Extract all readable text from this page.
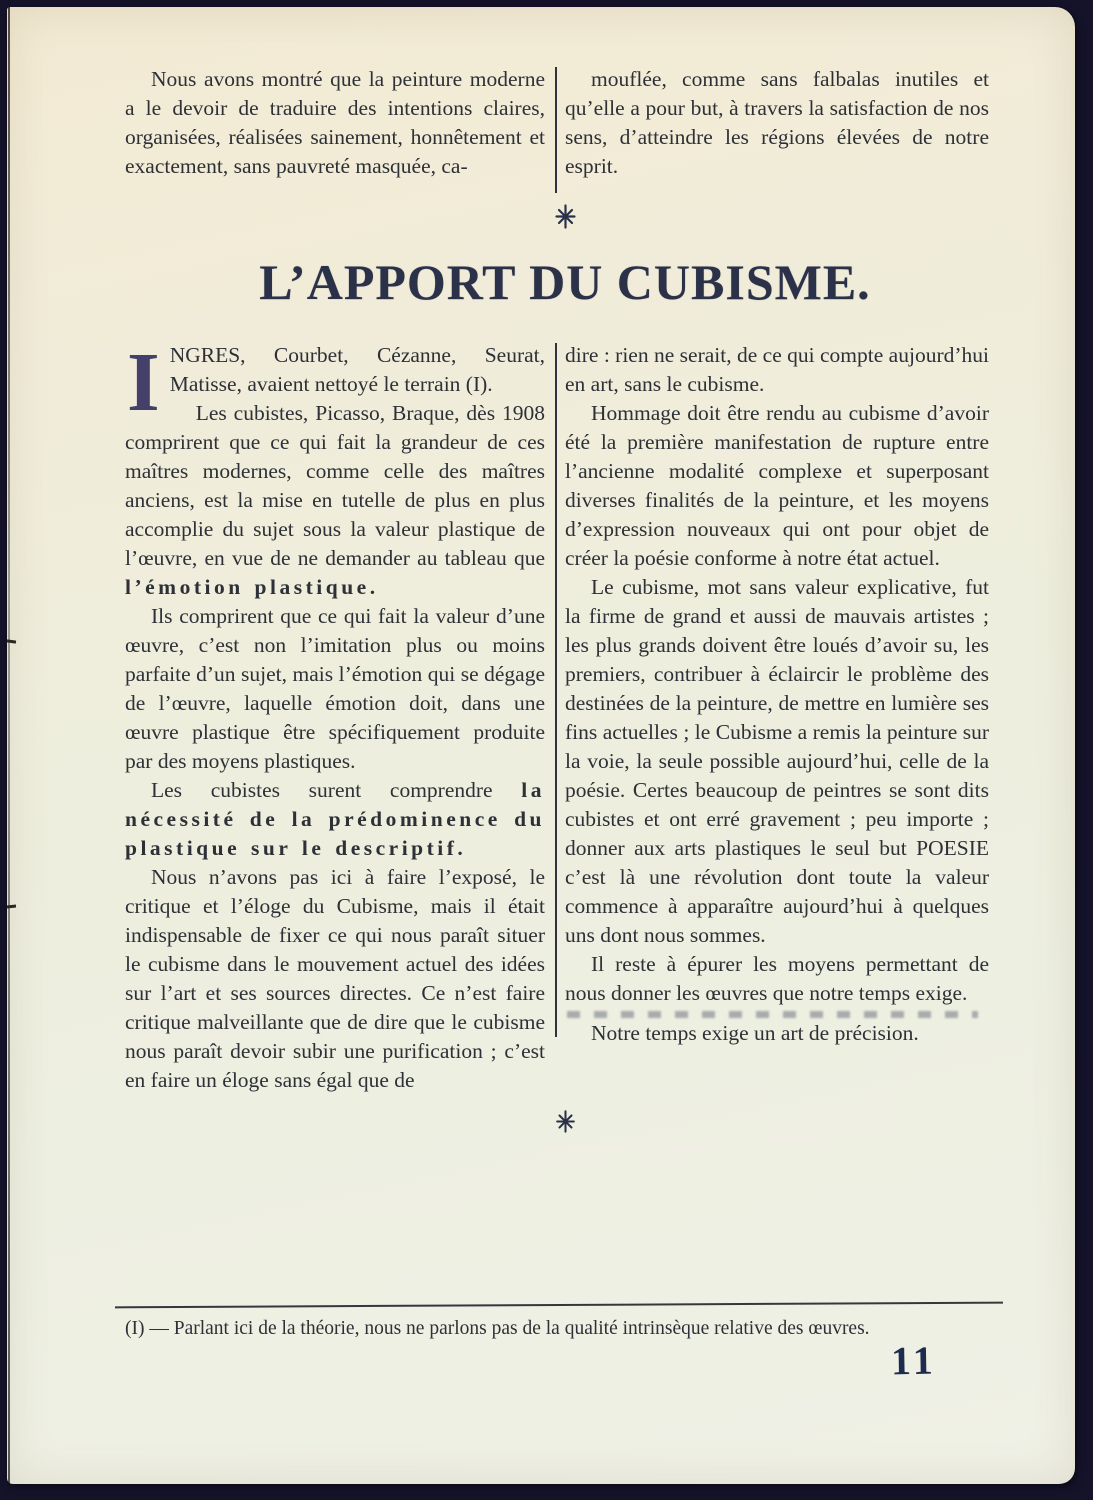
Nous avons montré que la peinture moderne a le devoir de traduire des intentions claires, organisées, réalisées sainement, honnêtement et exactement, sans pauvreté masquée, ca-

mouflée, comme sans falbalas inutiles et qu’elle a pour but, à travers la satisfaction de nos sens, d’atteindre les régions élevées de notre esprit.

L’APPORT DU CUBISME.
INGRES, Courbet, Cézanne, Seurat, Matisse, avaient nettoyé le terrain (I).

Les cubistes, Picasso, Braque, dès 1908 comprirent que ce qui fait la grandeur de ces maîtres modernes, comme celle des maîtres anciens, est la mise en tutelle de plus en plus accomplie du sujet sous la valeur plastique de l’œuvre, en vue de ne demander au tableau que l’émotion plastique.

Ils comprirent que ce qui fait la valeur d’une œuvre, c’est non l’imitation plus ou moins parfaite d’un sujet, mais l’émotion qui se dégage de l’œuvre, laquelle émotion doit, dans une œuvre plastique être spécifiquement produite par des moyens plastiques.

Les cubistes surent comprendre la nécessité de la prédominence du plastique sur le descriptif.

Nous n’avons pas ici à faire l’exposé, le critique et l’éloge du Cubisme, mais il était indispensable de fixer ce qui nous paraît situer le cubisme dans le mouvement actuel des idées sur l’art et ses sources directes. Ce n’est faire critique malveillante que de dire que le cubisme nous paraît devoir subir une purification ; c’est en faire un éloge sans égal que de

dire : rien ne serait, de ce qui compte aujourd’hui en art, sans le cubisme.

Hommage doit être rendu au cubisme d’avoir été la première manifestation de rupture entre l’ancienne modalité complexe et superposant diverses finalités de la peinture, et les moyens d’expression nouveaux qui ont pour objet de créer la poésie conforme à notre état actuel.

Le cubisme, mot sans valeur explicative, fut la firme de grand et aussi de mauvais artistes ; les plus grands doivent être loués d’avoir su, les premiers, contribuer à éclaircir le problème des destinées de la peinture, de mettre en lumière ses fins actuelles ; le Cubisme a remis la peinture sur la voie, la seule possible aujourd’hui, celle de la poésie. Certes beaucoup de peintres se sont dits cubistes et ont erré gravement ; peu importe ; donner aux arts plastiques le seul but POESIE c’est là une révolution dont toute la valeur commence à apparaître aujourd’hui à quelques uns dont nous sommes.

Il reste à épurer les moyens permettant de nous donner les œuvres que notre temps exige.

Notre temps exige un art de précision.

(I) — Parlant ici de la théorie, nous ne parlons pas de la qualité intrinsèque relative des œuvres.

11
